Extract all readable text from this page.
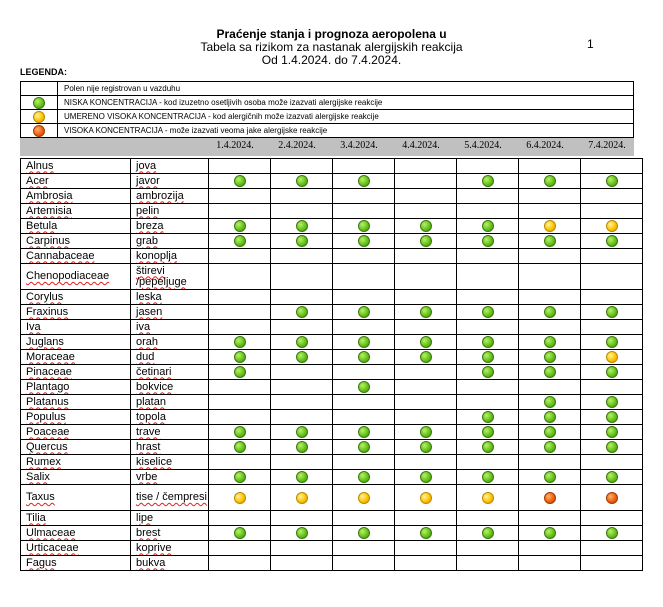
Praćenje stanja i prognoza aeropolena u
Tabela sa rizikom za nastanak alergijskih reakcija
Od 1.4.2024. do 7.4.2024.
1
LEGENDA:
	Polen nije registrovan u vazduhu
	NISKA KONCENTRACIJA - kod izuzetno osetljivih osoba može izazvati alergijske reakcije
	UMERENO VISOKA KONCENTRACIJA - kod alergičnih može izazvati alergijske reakcije
	VISOKA KONCENTRACIJA - može izazvati veoma jake alergijske reakcije
1.4.2024.	2.4.2024.	3.4.2024.	4.4.2024.	5.4.2024.	6.4.2024.	7.4.2024.
Alnus	jova							
Acer	javor							
Ambrosia	ambrozija							
Artemisia	pelin							
Betula	breza							
Carpinus	grab							
Cannabaceae	konoplja							
Chenopodiaceae	štirevi /pepeljuge							
Corylus	leska							
Fraxinus	jasen							
Iva	iva							
Juglans	orah							
Moraceae	dud							
Pinaceae	četinari							
Plantago	bokvice							
Platanus	platan							
Populus	topola							
Poaceae	trave							
Quercus	hrast							
Rumex	kiselice							
Salix	vrbe							
Taxus	tise / čempresi							
Tilia	lipe							
Ulmaceae	brest							
Urticaceae	koprive							
Fagus	bukva							
